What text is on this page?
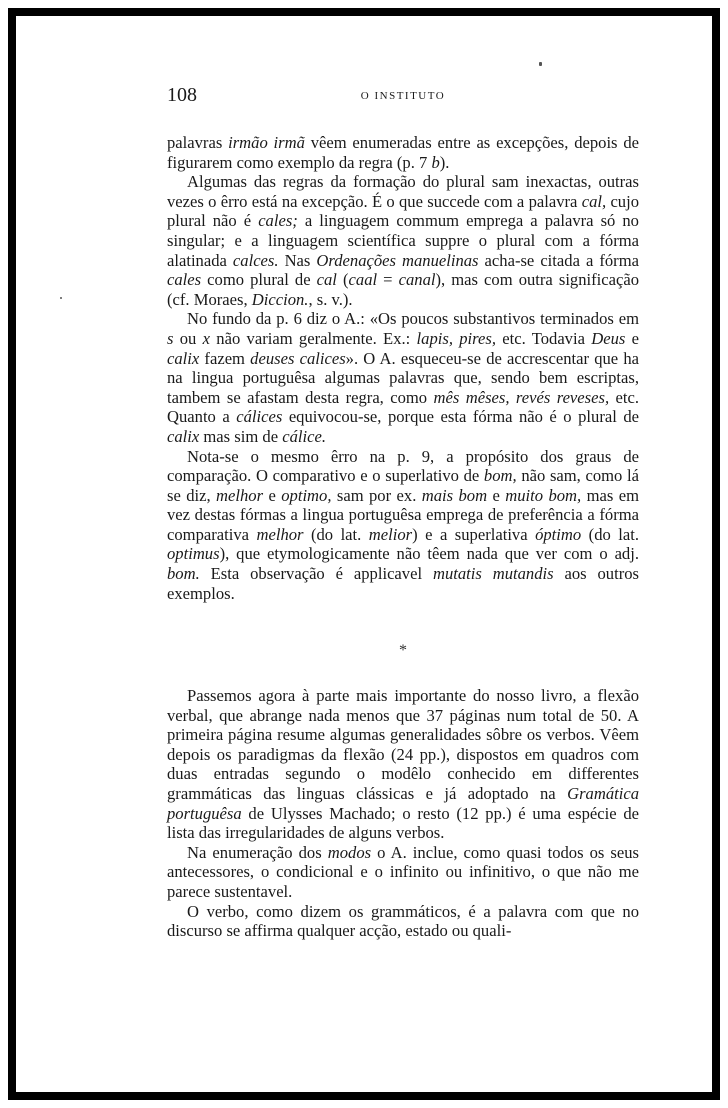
108	O INSTITUTO

palavras irmão irmã vêem enumeradas entre as excepções, depois de figurarem como exemplo da regra (p. 7 b).

Algumas das regras da formação do plural sam inexactas, outras vezes o êrro está na excepção. É o que succede com a palavra cal, cujo plural não é cales; a linguagem commum emprega a palavra só no singular; e a linguagem scientífica suppre o plural com a fórma alatinada calces. Nas Ordenações manuelinas acha-se citada a fórma cales como plural de cal (caal = canal), mas com outra significação (cf. Moraes, Diccion., s. v.).

No fundo da p. 6 diz o A.: «Os poucos substantivos terminados em s ou x não variam geralmente. Ex.: lapis, pires, etc. Todavia Deus e calix fazem deuses calices». O A. esqueceu-se de accrescentar que ha na lingua portuguêsa algumas palavras que, sendo bem escriptas, tambem se afastam desta regra, como mês mêses, revés reveses, etc. Quanto a cálices equivocou-se, porque esta fórma não é o plural de calix mas sim de cálice.

Nota-se o mesmo êrro na p. 9, a propósito dos graus de comparação. O comparativo e o superlativo de bom, não sam, como lá se diz, melhor e optimo, sam por ex. mais bom e muito bom, mas em vez destas fórmas a lingua portuguêsa emprega de preferência a fórma comparativa melhor (do lat. melior) e a superlativa óptimo (do lat. optimus), que etymologicamente não têem nada que ver com o adj. bom. Esta observação é applicavel mutatis mutandis aos outros exemplos.

*

Passemos agora à parte mais importante do nosso livro, a flexão verbal, que abrange nada menos que 37 páginas num total de 50. A primeira página resume algumas generalidades sôbre os verbos. Vêem depois os paradigmas da flexão (24 pp.), dispostos em quadros com duas entradas segundo o modêlo conhecido em differentes grammáticas das linguas clássicas e já adoptado na Gramática portuguêsa de Ulysses Machado; o resto (12 pp.) é uma espécie de lista das irregularidades de alguns verbos.

Na enumeração dos modos o A. inclue, como quasi todos os seus antecessores, o condicional e o infinito ou infinitivo, o que não me parece sustentavel.

O verbo, como dizem os grammáticos, é a palavra com que no discurso se affirma qualquer acção, estado ou quali-
